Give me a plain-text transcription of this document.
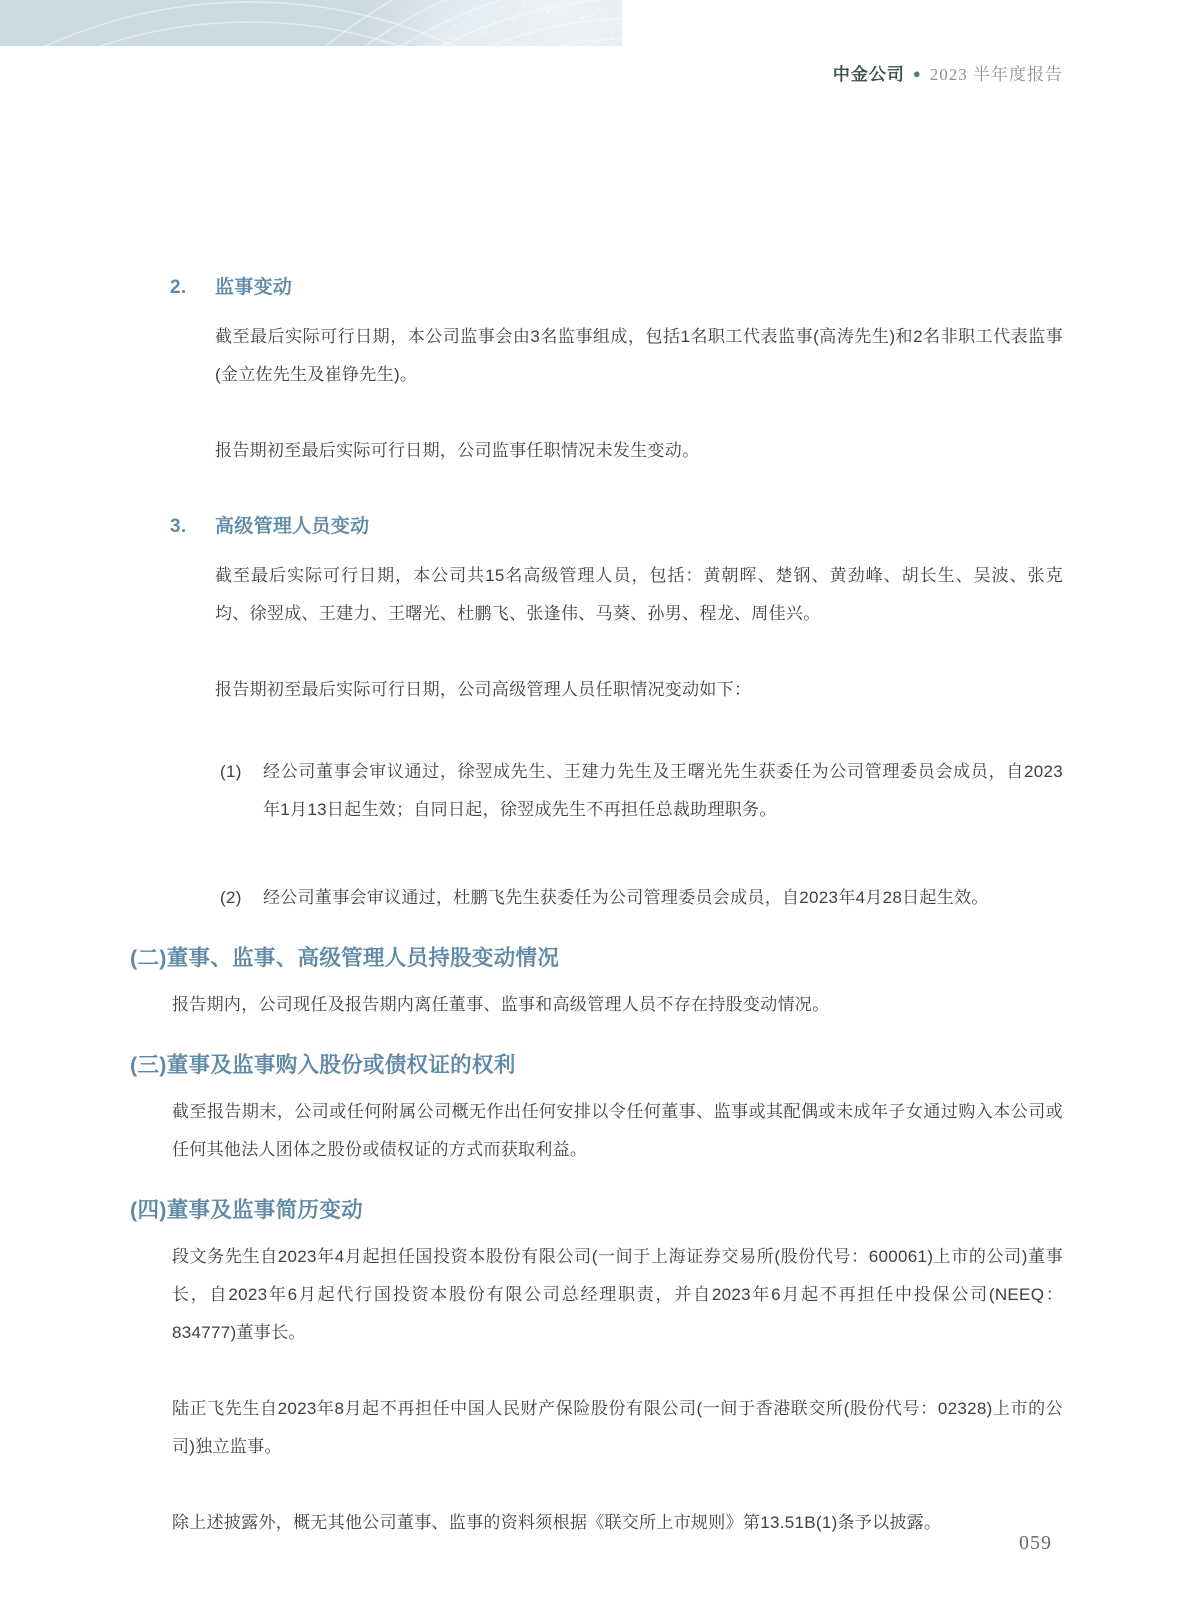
中金公司 ● 2023 半年度报告
2.	监事变动

截至最后实际可行日期，本公司监事会由3名监事组成，包括1名职工代表监事(高涛先生)和2名非职工代表监事(金立佐先生及崔铮先生)。

报告期初至最后实际可行日期，公司监事任职情况未发生变动。

3.	高级管理人员变动

截至最后实际可行日期，本公司共15名高级管理人员，包括：黄朝晖、楚钢、黄劲峰、胡长生、吴波、张克均、徐翌成、王建力、王曙光、杜鹏飞、张逢伟、马葵、孙男、程龙、周佳兴。

报告期初至最后实际可行日期，公司高级管理人员任职情况变动如下：

(1)	经公司董事会审议通过，徐翌成先生、王建力先生及王曙光先生获委任为公司管理委员会成员，自2023年1月13日起生效；自同日起，徐翌成先生不再担任总裁助理职务。
(2)	经公司董事会审议通过，杜鹏飞先生获委任为公司管理委员会成员，自2023年4月28日起生效。
(二)董事、监事、高级管理人员持股变动情况

报告期内，公司现任及报告期内离任董事、监事和高级管理人员不存在持股变动情况。

(三)董事及监事购入股份或债权证的权利

截至报告期末，公司或任何附属公司概无作出任何安排以令任何董事、监事或其配偶或未成年子女通过购入本公司或任何其他法人团体之股份或债权证的方式而获取利益。

(四)董事及监事简历变动

段文务先生自2023年4月起担任国投资本股份有限公司(一间于上海证券交易所(股份代号：600061)上市的公司)董事长，自2023年6月起代行国投资本股份有限公司总经理职责，并自2023年6月起不再担任中投保公司(NEEQ：834777)董事长。

陆正飞先生自2023年8月起不再担任中国人民财产保险股份有限公司(一间于香港联交所(股份代号：02328)上市的公司)独立监事。

除上述披露外，概无其他公司董事、监事的资料须根据《联交所上市规则》第13.51B(1)条予以披露。

059
